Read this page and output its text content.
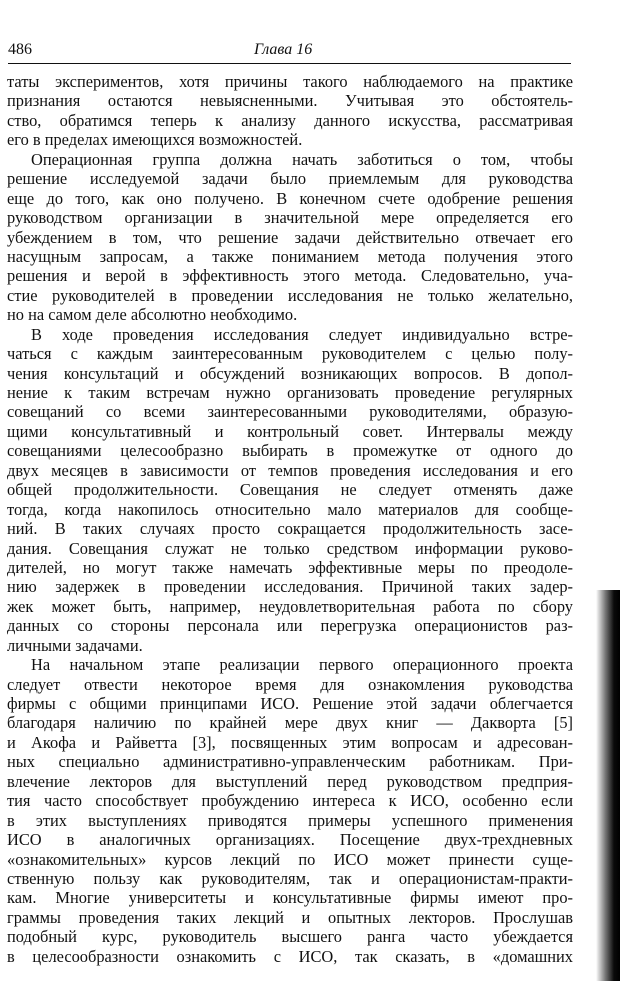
486	Глава 16
таты экспериментов, хотя причины такого наблюдаемого на практике
признания остаются невыясненными. Учитывая это обстоятель-
ство, обратимся теперь к анализу данного искусства, рассматривая
его в пределах имеющихся возможностей.
Операционная группа должна начать заботиться о том, чтобы
решение исследуемой задачи было приемлемым для руководства
еще до того, как оно получено. В конечном счете одобрение решения
руководством организации в значительной мере определяется его
убеждением в том, что решение задачи действительно отвечает его
насущным запросам, а также пониманием метода получения этого
решения и верой в эффективность этого метода. Следовательно, уча-
стие руководителей в проведении исследования не только желательно,
но на самом деле абсолютно необходимо.
В ходе проведения исследования следует индивидуально встре-
чаться с каждым заинтересованным руководителем с целью полу-
чения консультаций и обсуждений возникающих вопросов. В допол-
нение к таким встречам нужно организовать проведение регулярных
совещаний со всеми заинтересованными руководителями, образую-
щими консультативный и контрольный совет. Интервалы между
совещаниями целесообразно выбирать в промежутке от одного до
двух месяцев в зависимости от темпов проведения исследования и его
общей продолжительности. Совещания не следует отменять даже
тогда, когда накопилось относительно мало материалов для сообще-
ний. В таких случаях просто сокращается продолжительность засе-
дания. Совещания служат не только средством информации руково-
дителей, но могут также намечать эффективные меры по преодоле-
нию задержек в проведении исследования. Причиной таких задер-
жек может быть, например, неудовлетворительная работа по сбору
данных со стороны персонала или перегрузка операционистов раз-
личными задачами.
На начальном этапе реализации первого операционного проекта
следует отвести некоторое время для ознакомления руководства
фирмы с общими принципами ИСО. Решение этой задачи облегчается
благодаря наличию по крайней мере двух книг — Дакворта [5]
и Акофа и Райветта [3], посвященных этим вопросам и адресован-
ных специально административно-управленческим работникам. При-
влечение лекторов для выступлений перед руководством предприя-
тия часто способствует пробуждению интереса к ИСО, особенно если
в этих выступлениях приводятся примеры успешного применения
ИСО в аналогичных организациях. Посещение двух-трехдневных
«ознакомительных» курсов лекций по ИСО может принести суще-
ственную пользу как руководителям, так и операционистам-практи-
кам. Многие университеты и консультативные фирмы имеют про-
граммы проведения таких лекций и опытных лекторов. Прослушав
подобный курс, руководитель высшего ранга часто убеждается
в целесообразности ознакомить с ИСО, так сказать, в «домашних
